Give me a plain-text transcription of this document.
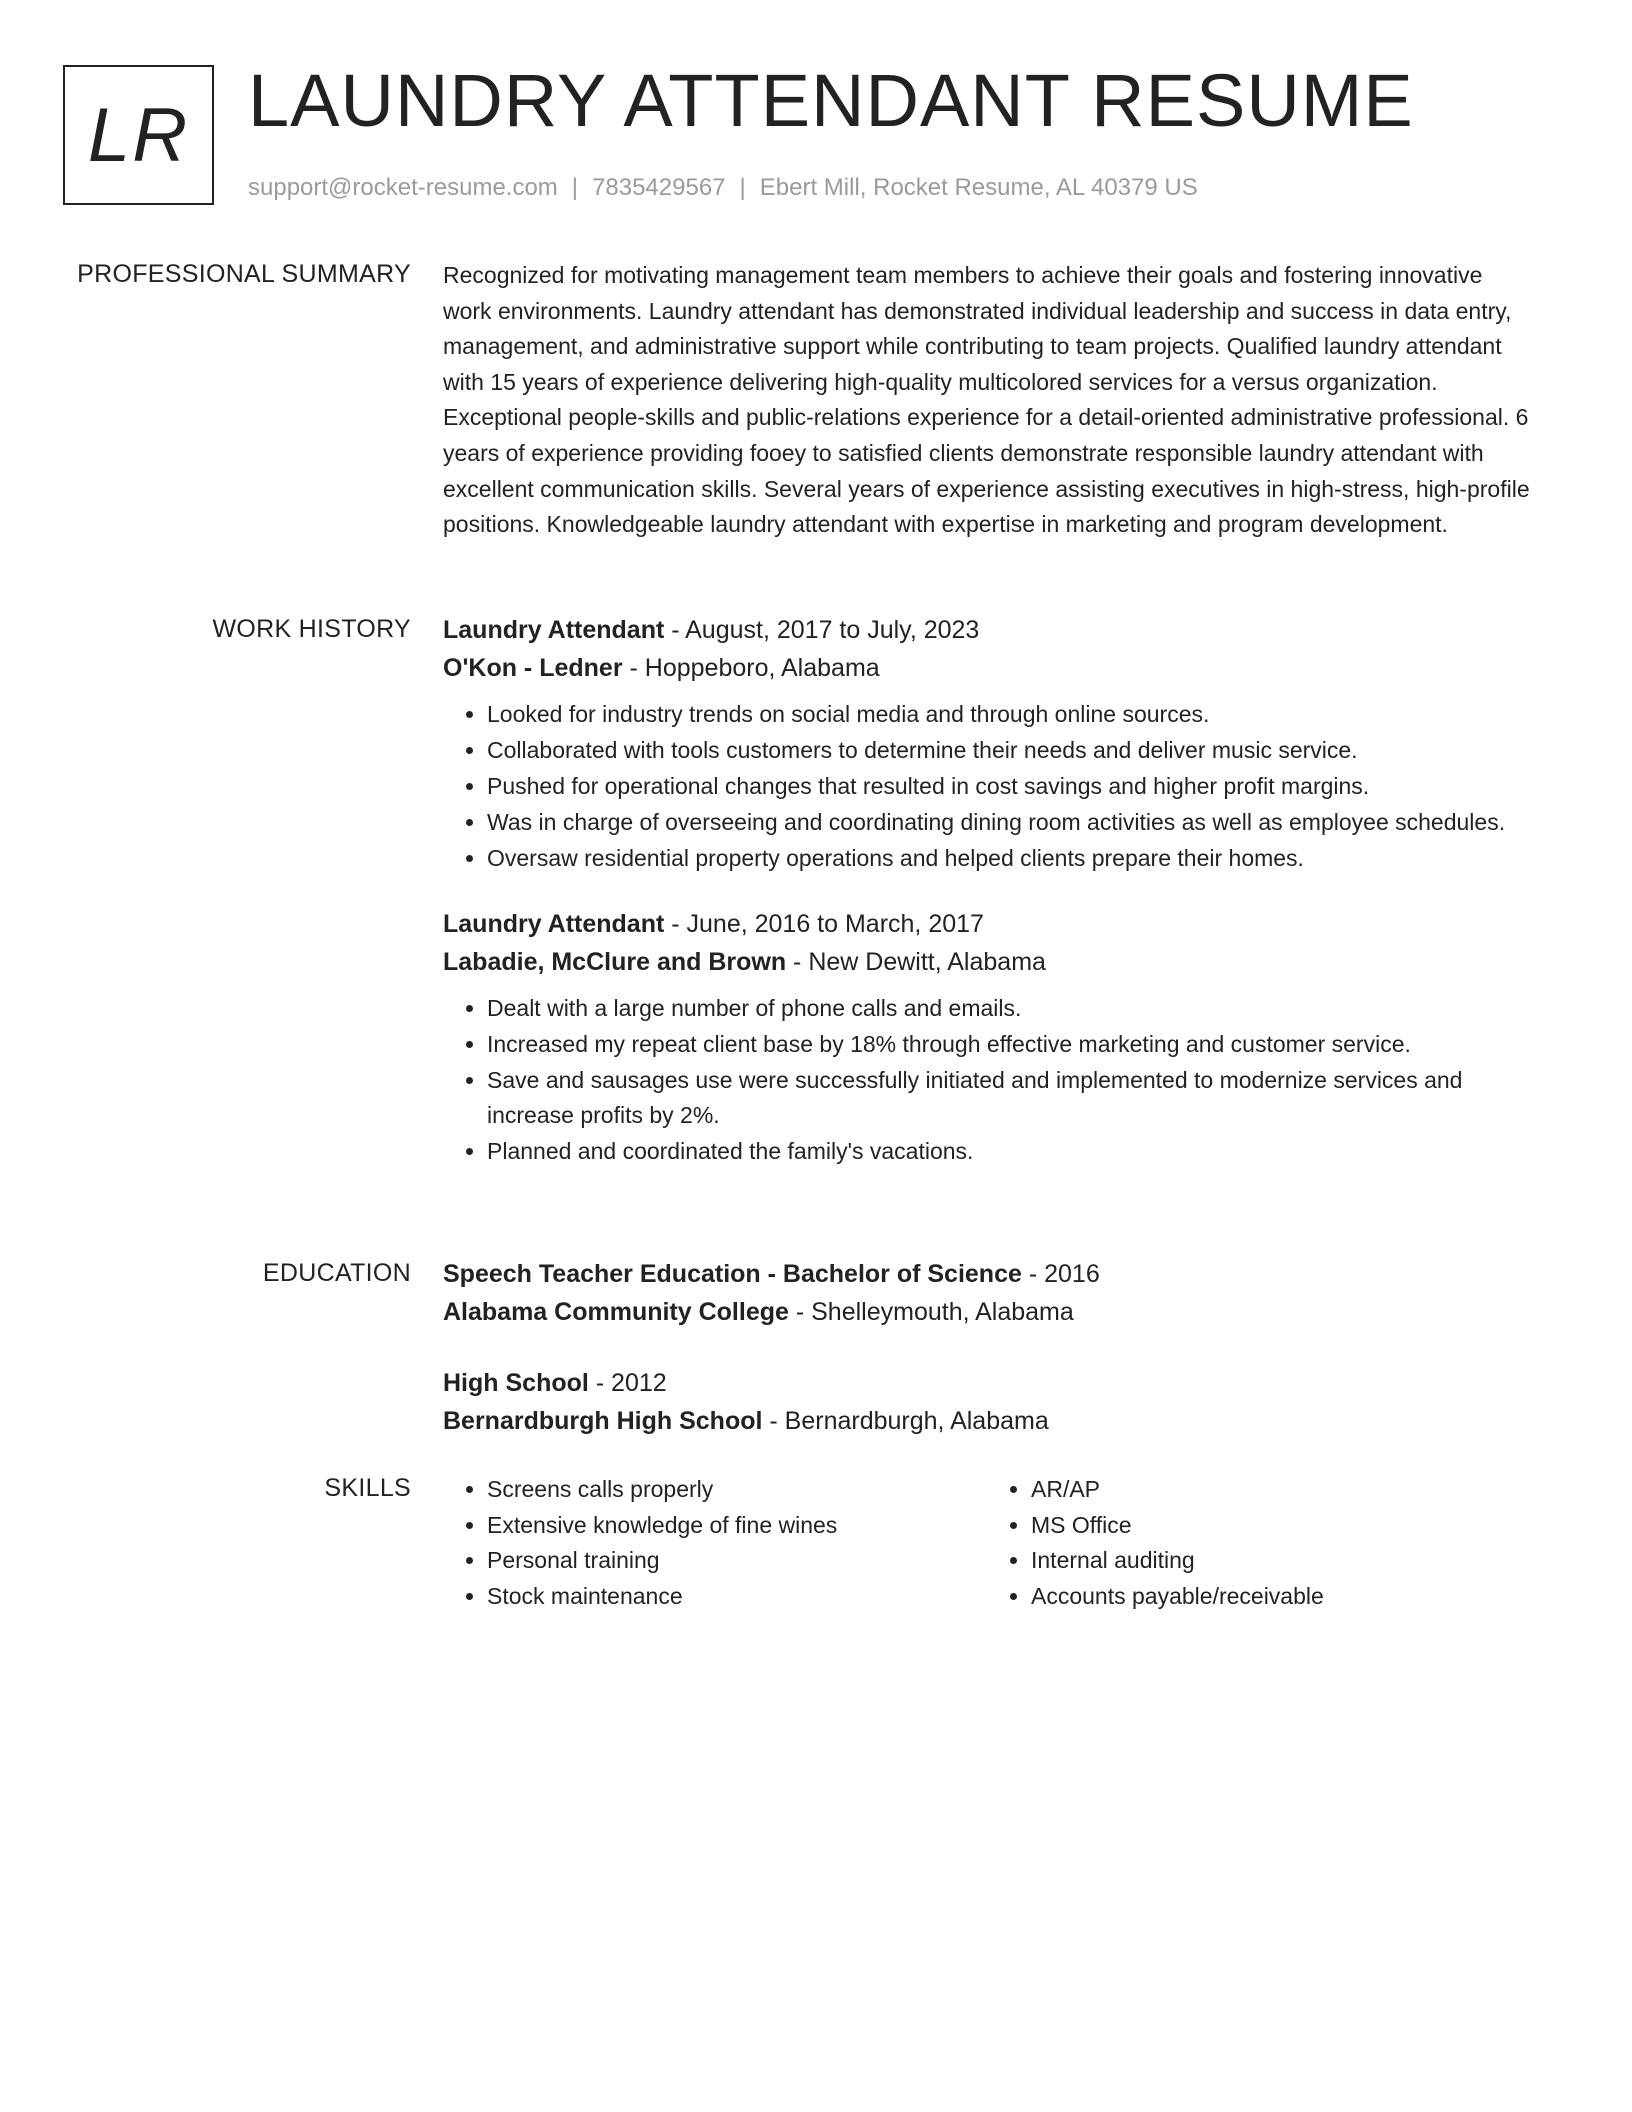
LR LAUNDRY ATTENDANT RESUME
support@rocket-resume.com | 7835429567 | Ebert Mill, Rocket Resume, AL 40379 US
PROFESSIONAL SUMMARY Recognized for motivating management team members to achieve their goals and fostering innovative work environments. Laundry attendant has demonstrated individual leadership and success in data entry, management, and administrative support while contributing to team projects. Qualified laundry attendant with 15 years of experience delivering high-quality multicolored services for a versus organization. Exceptional people-skills and public-relations experience for a detail-oriented administrative professional. 6 years of experience providing fooey to satisfied clients demonstrate responsible laundry attendant with excellent communication skills. Several years of experience assisting executives in high-stress, high-profile positions. Knowledgeable laundry attendant with expertise in marketing and program development.

WORK HISTORY Laundry Attendant - August, 2017 to July, 2023

O'Kon - Ledner - Hoppeboro, Alabama

• Looked for industry trends on social media and through online sources.
• Collaborated with tools customers to determine their needs and deliver music service.
• Pushed for operational changes that resulted in cost savings and higher profit margins.
• Was in charge of overseeing and coordinating dining room activities as well as employee schedules.
• Oversaw residential property operations and helped clients prepare their homes.

Laundry Attendant - June, 2016 to March, 2017

Labadie, McClure and Brown - New Dewitt, Alabama

• Dealt with a large number of phone calls and emails.
• Increased my repeat client base by 18% through effective marketing and customer service.
• Save and sausages use were successfully initiated and implemented to modernize services and increase profits by 2%.
• Planned and coordinated the family's vacations.
EDUCATION Speech Teacher Education - Bachelor of Science - 2016

Alabama Community College - Shelleymouth, Alabama

High School - 2012

Bernardburgh High School - Bernardburgh, Alabama

SKILLS
•	Screens calls properly
• Extensive knowledge of fine wines
• Personal training
• Stock maintenance
• AR/AP
• MS Office
• Internal auditing
• Accounts payable/receivable
